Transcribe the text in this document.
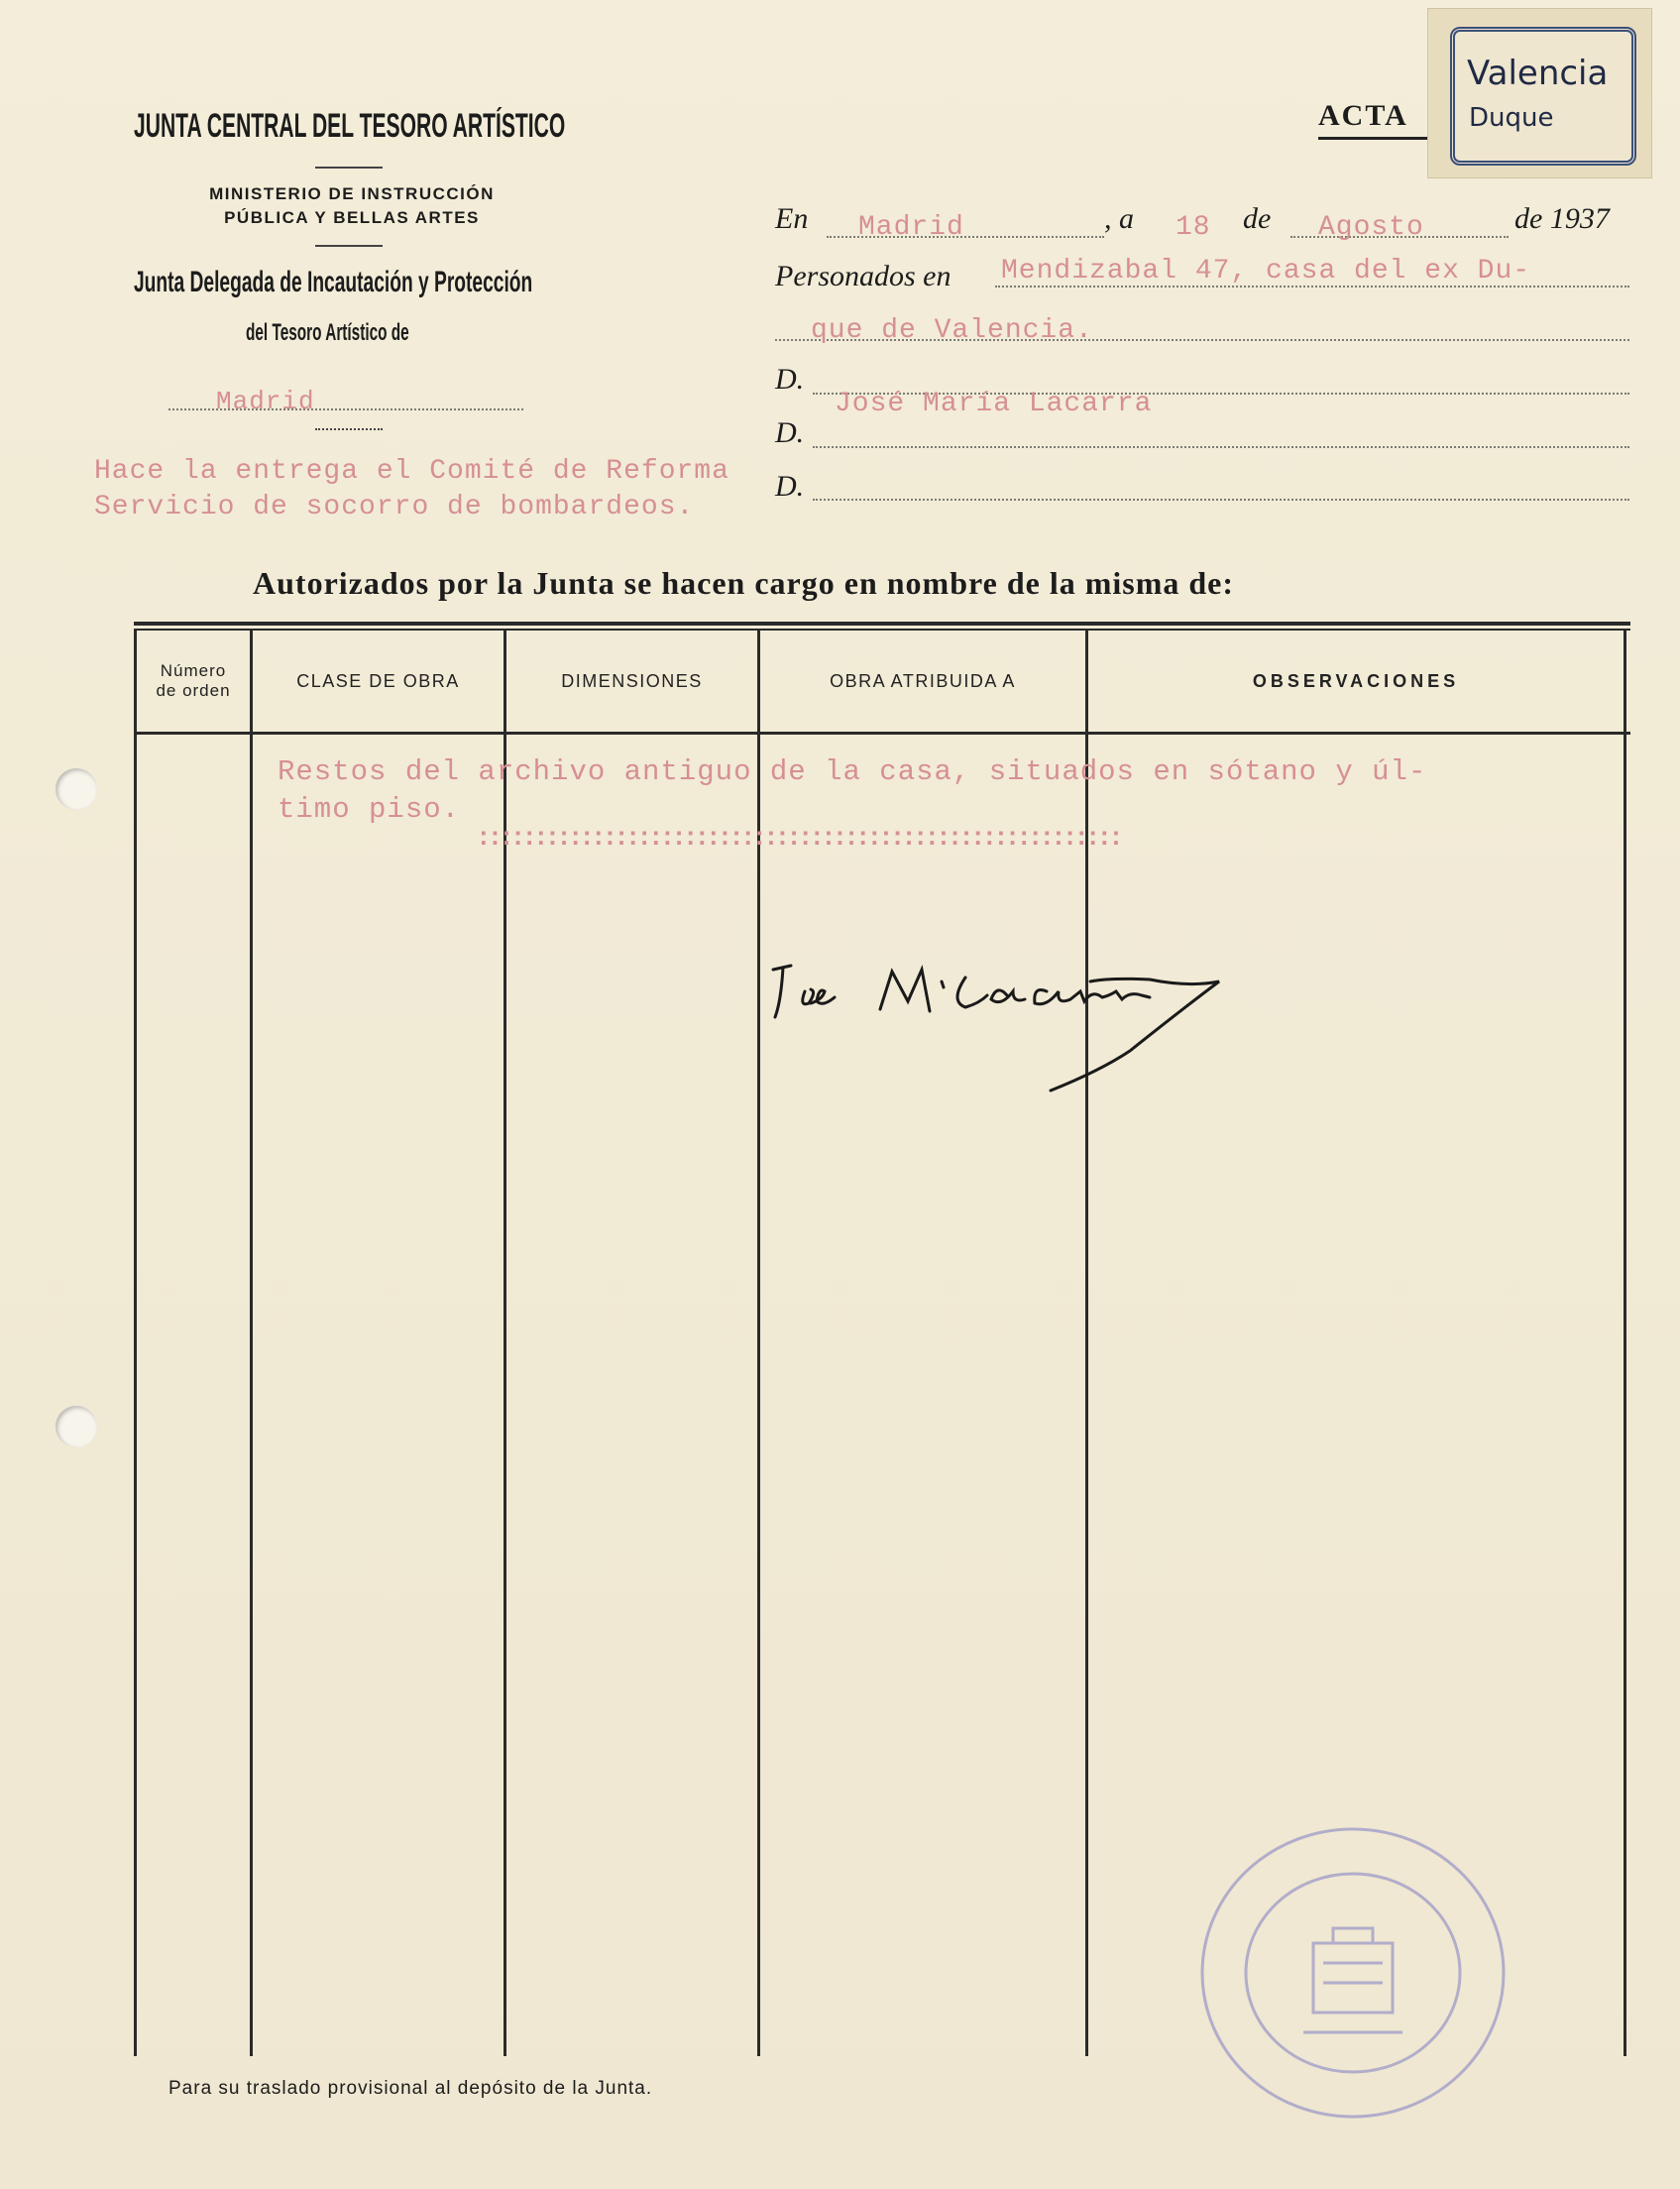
JUNTA CENTRAL DEL TESORO ARTÍSTICO
MINISTERIO DE INSTRUCCIÓN
PÚBLICA Y BELLAS ARTES
Junta Delegada de Incautación y Protección
del Tesoro Artístico de
Madrid
ACTA
Valencia
Duque
En Madrid	, a 18 de Agosto	de 1937
Personados en Mendizabal 47, casa del ex Du-
que de Valencia.
D.
José María Lacarra
D.
D.
Hace la entrega el Comité de Reforma
Servicio de socorro de bombardeos.
Autorizados por la Junta se hacen cargo en nombre de la misma de:
Número
de orden	CLASE DE OBRA	DIMENSIONES	OBRA ATRIBUIDA A	OBSERVACIONES
Restos del archivo antiguo de la casa, situados en sótano y úl-
timo piso.
::::::::::::::::::::::::::::::::::::::::::::::::::::::::
Para su traslado provisional al depósito de la Junta.
